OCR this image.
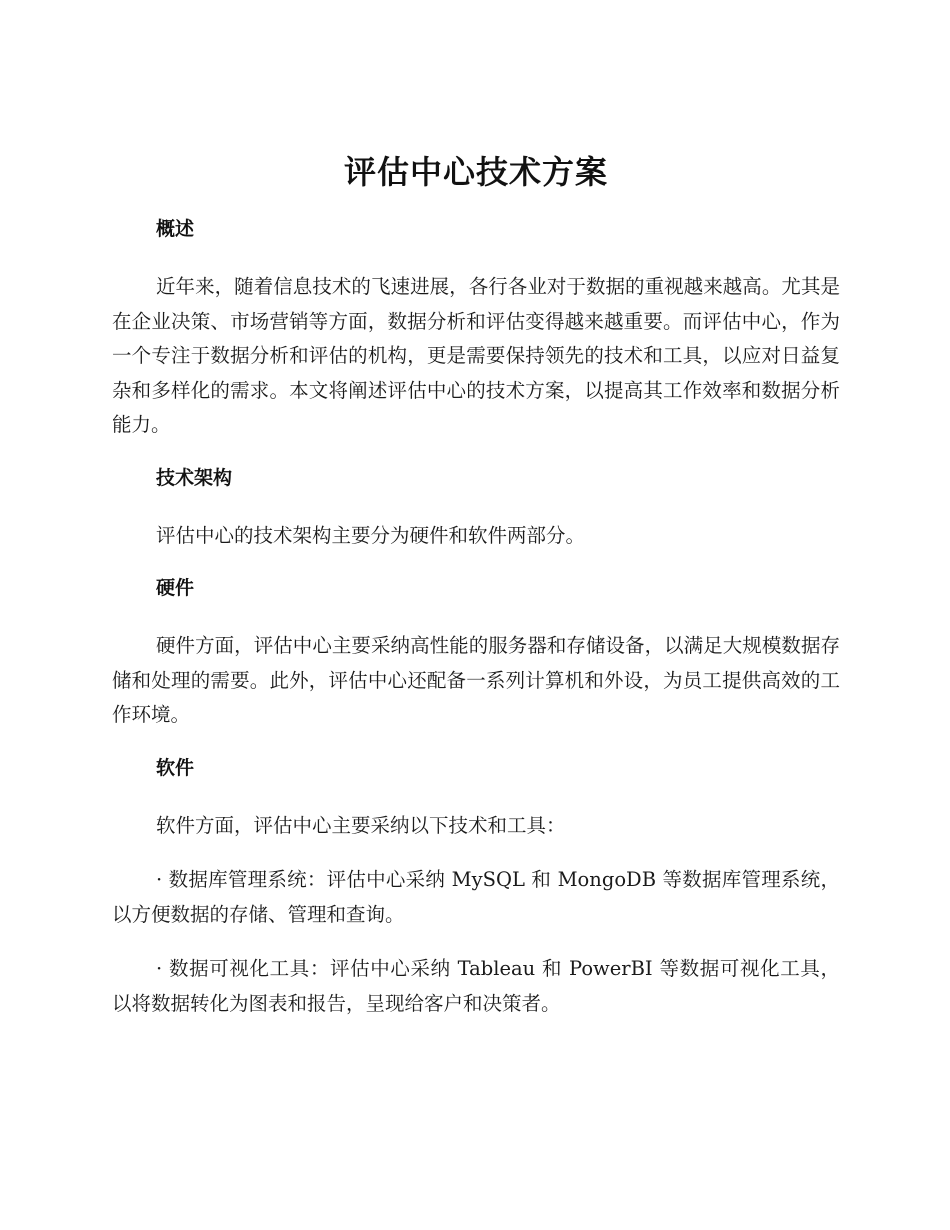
评估中心技术方案
概述

近年来，随着信息技术的飞速进展，各行各业对于数据的重视越来越高。尤其是在企业决策、市场营销等方面，数据分析和评估变得越来越重要。而评估中心，作为一个专注于数据分析和评估的机构，更是需要保持领先的技术和工具，以应对日益复杂和多样化的需求。本文将阐述评估中心的技术方案，以提高其工作效率和数据分析能力。

技术架构

评估中心的技术架构主要分为硬件和软件两部分。

硬件

硬件方面，评估中心主要采纳高性能的服务器和存储设备，以满足大规模数据存储和处理的需要。此外，评估中心还配备一系列计算机和外设，为员工提供高效的工作环境。

软件

软件方面，评估中心主要采纳以下技术和工具：

· 数据库管理系统：评估中心采纳 MySQL 和 MongoDB 等数据库管理系统，以方便数据的存储、管理和查询。

· 数据可视化工具：评估中心采纳 Tableau 和 PowerBI 等数据可视化工具，以将数据转化为图表和报告，呈现给客户和决策者。
